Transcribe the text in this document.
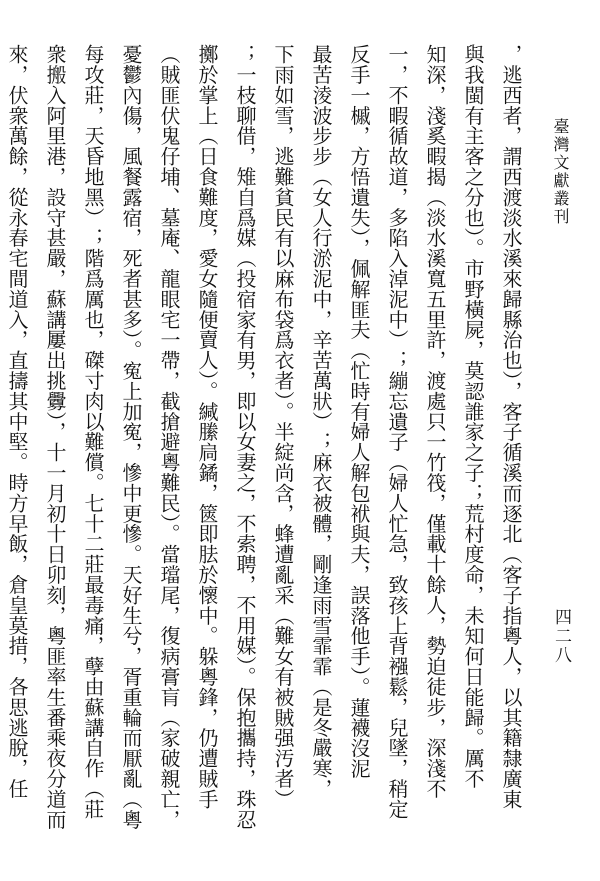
臺灣文獻叢刊
四二八
，逃西者，謂西渡淡水溪來歸縣治也），客子循溪而逐北（客子指粵人，以其籍隸廣東
與我閩有主客之分也）。市野橫屍，莫認誰家之子；荒村度命，未知何日能歸。厲不
知深，淺奚暇揭（淡水溪寬五里許，渡處只一竹筏，僅載十餘人，勢迫徒步，深淺不
一，不暇循故道，多陷入淖泥中）；繃忘遺子（婦人忙急，致孩上背襁鬆，兒墜，稍定
反手一槭，方悟遺失），佩解匪夫（忙時有婦人解包袱與夫，誤落他手）。蓮襪沒泥
最苦淩波步步（女人行淤泥中，辛苦萬狀）；麻衣被體，剛逢雨雪霏霏（是冬嚴寒，
下雨如雪，逃難貧民有以麻布袋爲衣者）。半綻尚含，蜂遭亂采（難女有被賊强汚者）
；一枝聊借，雉自爲媒（投宿家有男，即以女妻之，不索聘，不用媒）。保抱攜持，珠忍
擲於掌上（日食難度，愛女隨便賣人）。緘縢扃鐍，篋即胠於懷中。躲粵鋒，仍遭賊手
（賊匪伏鬼仔埔、墓庵、龍眼宅一帶，截搶避粵難民）。當璫尾，復病膏肓（家破親亡，
憂鬱內傷，風餐露宿，死者甚多）。寃上加寃，慘中更慘。天好生兮，胥重輪而厭亂（粵
每攻莊，天昏地黑）；階爲厲也，磔寸肉以難償。七十二莊最毒痛，孽由蘇講自作（莊
衆搬入阿里港，設守甚嚴，蘇講屢出挑釁），十一月初十日卯刻，粵匪率生番乘夜分道而
來，伏衆萬餘，從永春宅間道入，直擣其中堅。時方早飯，倉皇莫措，各思逃脫，任
